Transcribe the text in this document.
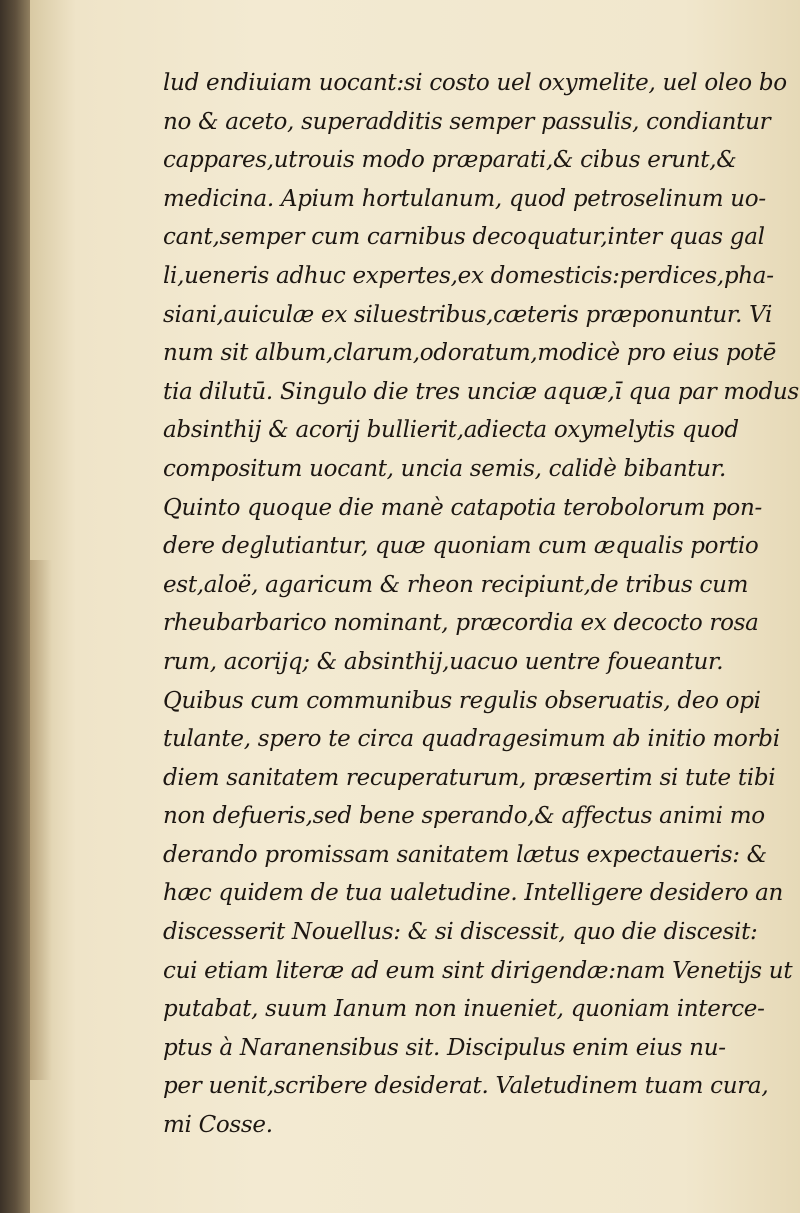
lud endiuiam uocant:si costo uel oxymelite, uel oleo bo
no & aceto, superadditis semper passulis, condiantur
cappares,utrouis modo præparati,& cibus erunt,&
medicina. Apium hortulanum, quod petroselinum uo-
cant,semper cum carnibus decoquatur,inter quas gal
li,ueneris adhuc expertes,ex domesticis:perdices,pha-
siani,auiculæ ex siluestribus,cæteris præponuntur. Vi
num sit album,clarum,odoratum,modicè pro eius potē
tia dilutū. Singulo die tres unciæ aquæ,ī qua par modus
absinthij & acorij bullierit,adiecta oxymelytis quod
compositum uocant, uncia semis, calidè bibantur.
Quinto quoque die manè catapotia terobolorum pon-
dere deglutiantur, quæ quoniam cum æqualis portio
est,aloë, agaricum & rheon recipiunt,de tribus cum
rheubarbarico nominant, præcordia ex decocto rosa
rum, acorijq; & absinthij,uacuo uentre foueantur.
Quibus cum communibus regulis obseruatis, deo opi
tulante, spero te circa quadragesimum ab initio morbi
diem sanitatem recuperaturum, præsertim si tute tibi
non defueris,sed bene sperando,& affectus animi mo
derando promissam sanitatem lætus expectaueris: &
hæc quidem de tua ualetudine. Intelligere desidero an
discesserit Nouellus: & si discessit, quo die discesit:
cui etiam literæ ad eum sint dirigendæ:nam Venetijs ut
putabat, suum Ianum non inueniet, quoniam interce-
ptus à Naranensibus sit. Discipulus enim eius nu-
per uenit,scribere desiderat. Valetudinem tuam cura,
mi Cosse.
